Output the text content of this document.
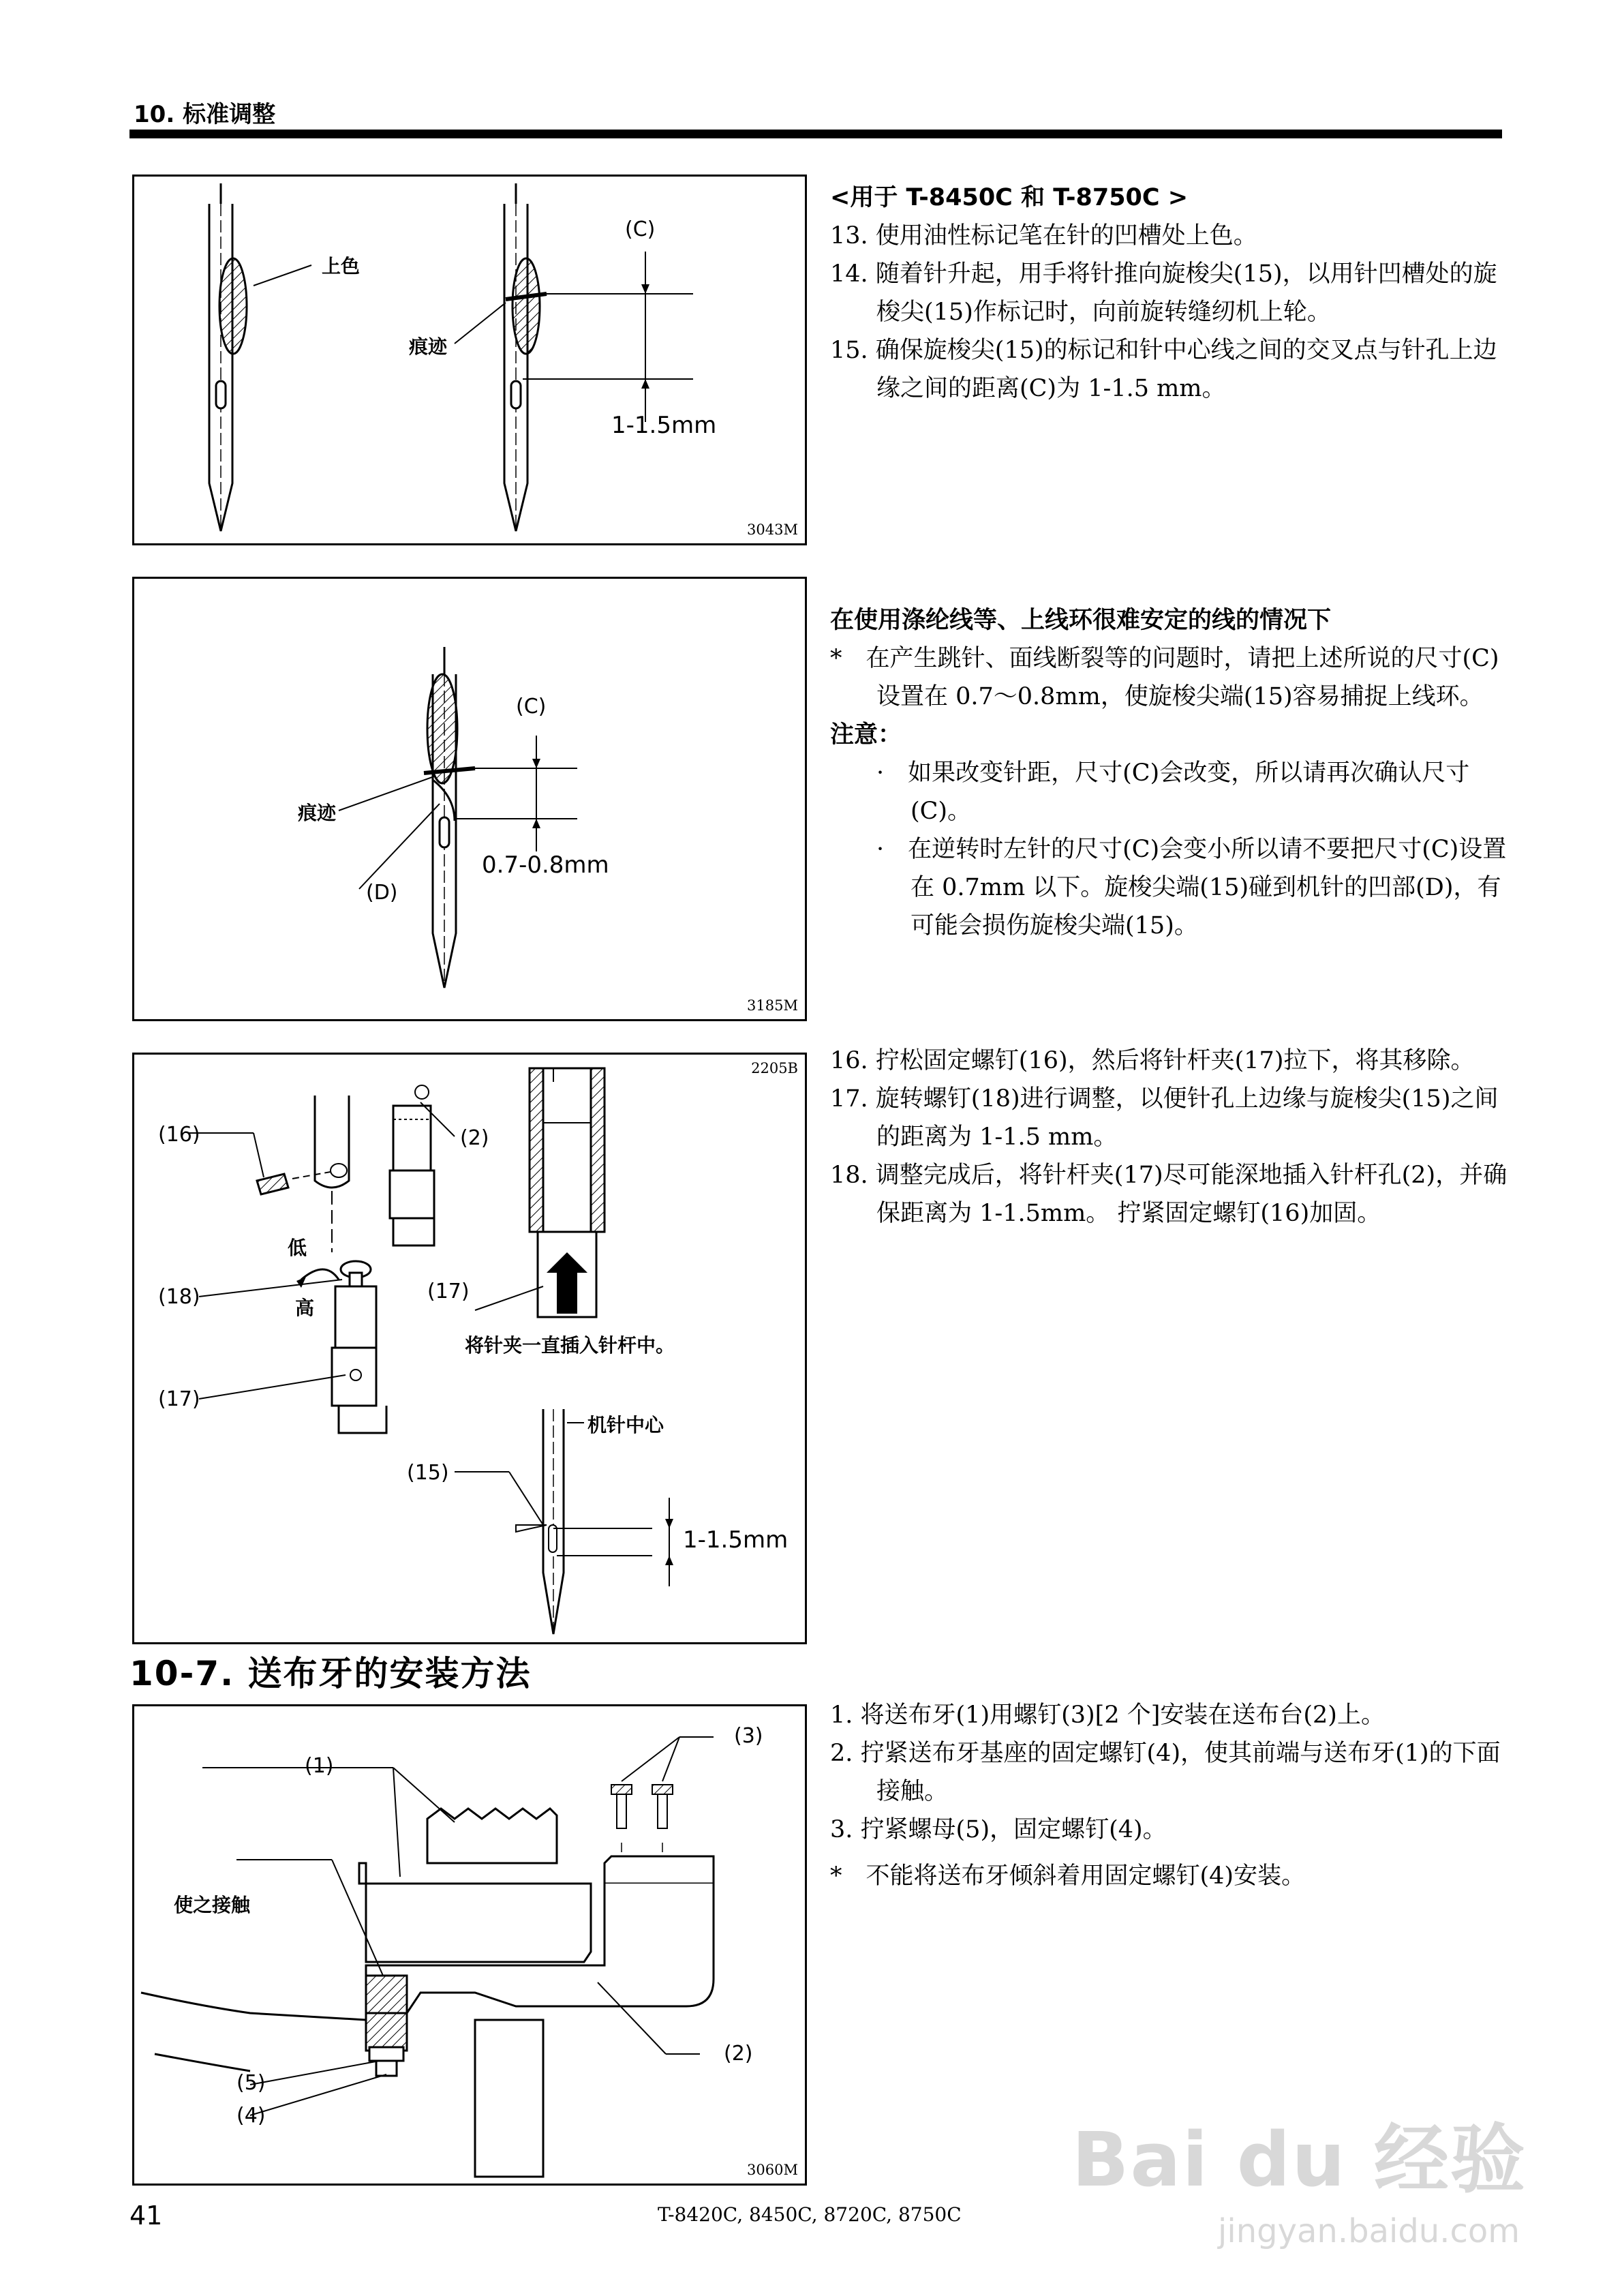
10. 标准调整
上色
痕迹
(C)
1-1.5mm
3043M

<用于 T-8450C 和 T-8750C >

13. 使用油性标记笔在针的凹槽处上色。

14. 随着针升起，用手将针推向旋梭尖(15)，以用针凹槽处的旋梭尖(15)作标记时，向前旋转缝纫机上轮。

15. 确保旋梭尖(15)的标记和针中心线之间的交叉点与针孔上边缘之间的距离(C)为 1-1.5 mm。

痕迹
(C)
(D)
0.7-0.8mm
3185M

在使用涤纶线等、上线环很难安定的线的情况下

*　在产生跳针、面线断裂等的问题时，请把上述所说的尺寸(C)设置在 0.7～0.8mm，使旋梭尖端(15)容易捕捉上线环。

注意：

·　如果改变针距，尺寸(C)会改变，所以请再次确认尺寸(C)。

·　在逆转时左针的尺寸(C)会变小所以请不要把尺寸(C)设置在 0.7mm 以下。旋梭尖端(15)碰到机针的凹部(D)，有可能会损伤旋梭尖端(15)。

(16)	(2)
低
高
(18)	(17)
将针夹一直插入针杆中。
(17)
机针中心
(15)
1-1.5mm
2205B 16. 拧松固定螺钉(16)，然后将针杆夹(17)拉下，将其移除。

17. 旋转螺钉(18)进行调整，以便针孔上边缘与旋梭尖(15)之间的距离为 1-1.5 mm。

18. 调整完成后，将针杆夹(17)尽可能深地插入针杆孔(2)，并确保距离为 1-1.5mm。 拧紧固定螺钉(16)加固。

10-7. 送布牙的安装方法
(3)
(1)
使之接触
(2)
(5)
(4)
3060M

1. 将送布牙(1)用螺钉(3)[2 个]安装在送布台(2)上。

2. 拧紧送布牙基座的固定螺钉(4)，使其前端与送布牙(1)的下面接触。

3. 拧紧螺母(5)，固定螺钉(4)。

*　不能将送布牙倾斜着用固定螺钉(4)安装。

41	T-8420C, 8450C, 8720C, 8750C
Bai du 经验
jingyan.baidu.com
